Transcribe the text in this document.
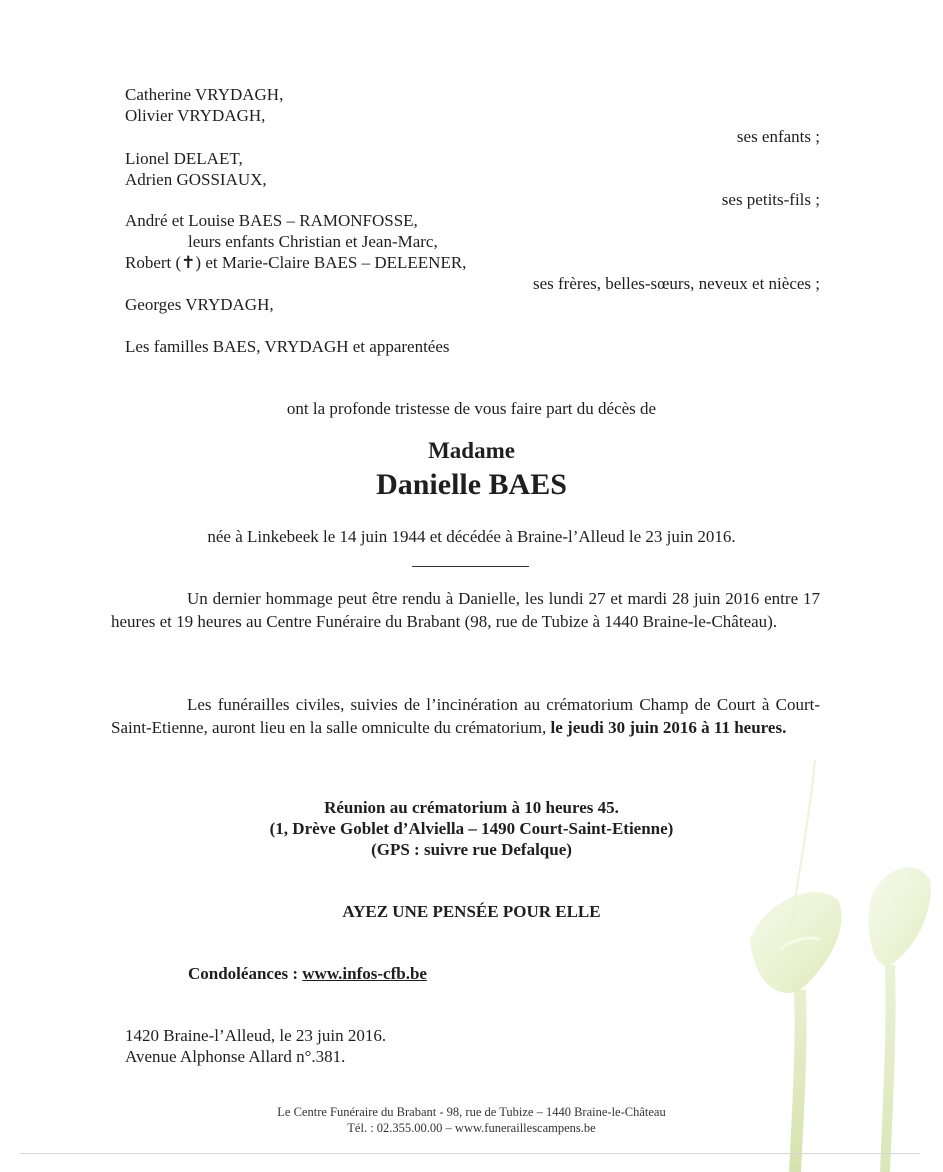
Catherine VRYDAGH,
Olivier VRYDAGH,
ses enfants ;
Lionel DELAET,
Adrien GOSSIAUX,
ses petits-fils ;
André et Louise BAES – RAMONFOSSE,
leurs enfants Christian et Jean-Marc,
Robert (✝) et Marie-Claire BAES – DELEENER,
ses frères, belles-sœurs, neveux et nièces ;
Georges VRYDAGH,
Les familles BAES, VRYDAGH et apparentées
ont la profonde tristesse de vous faire part du décès de
Madame
Danielle BAES
née à Linkebeek le 14 juin 1944 et décédée à Braine-l’Alleud le 23 juin 2016.
Un dernier hommage peut être rendu à Danielle, les lundi 27 et mardi 28 juin 2016 entre 17 heures et 19 heures au Centre Funéraire du Brabant (98, rue de Tubize à 1440 Braine-le-Château).
Les funérailles civiles, suivies de l’incinération au crématorium Champ de Court à Court-Saint-Etienne, auront lieu en la salle omniculte du crématorium, le jeudi 30 juin 2016 à 11 heures.
Réunion au crématorium à 10 heures 45.
(1, Drève Goblet d’Alviella – 1490 Court-Saint-Etienne)
(GPS : suivre rue Defalque)
AYEZ UNE PENSÉE POUR ELLE
Condoléances : www.infos-cfb.be
1420 Braine-l’Alleud, le 23 juin 2016.
Avenue Alphonse Allard n°.381.
Le Centre Funéraire du Brabant - 98, rue de Tubize – 1440 Braine-le-Château
Tél. : 02.355.00.00 – www.funeraillescampens.be
